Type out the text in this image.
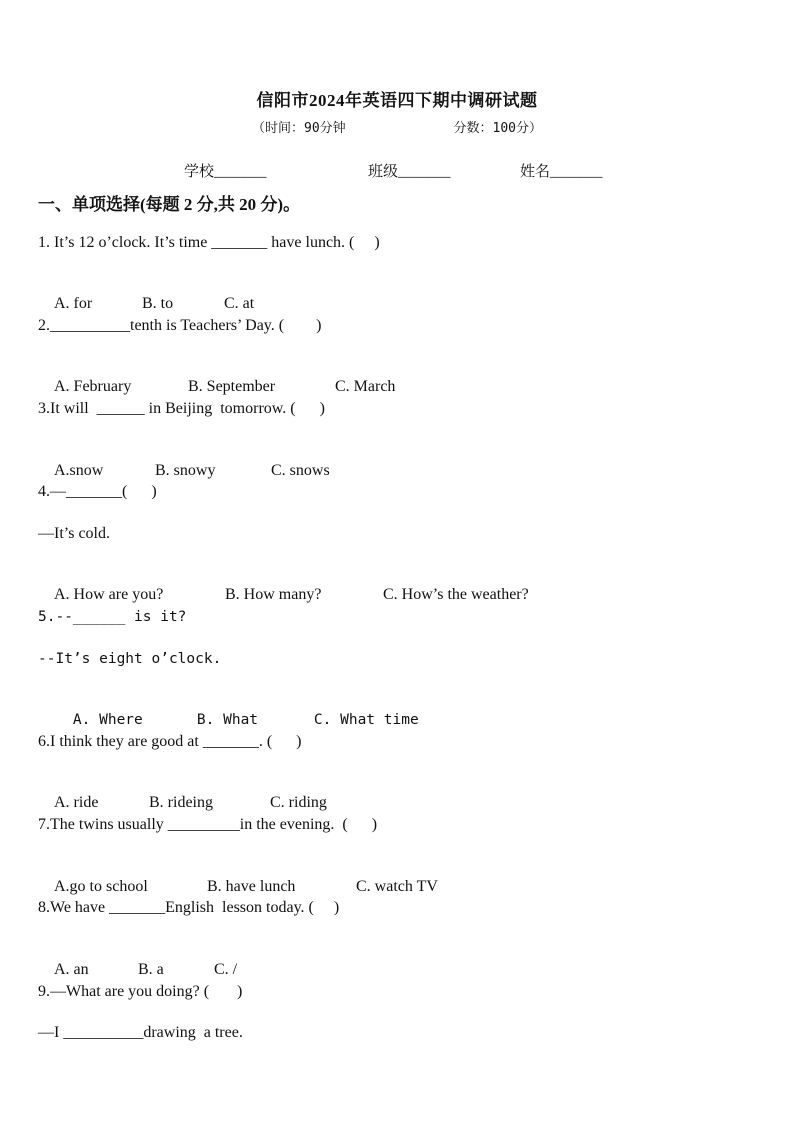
信阳市2024年英语四下期中调研试题
（时间：90分钟	分数：100分）
学校_______	班级_______	姓名_______
一、单项选择(每题 2 分,共 20 分)。
1. It’s 12 o’clock. It’s time _______ have lunch. (     )

A. for	B. to	C. at

2.__________tenth is Teachers’ Day. (        )

A. February	B. September	C. March

3.It will  ______ in Beijing  tomorrow. (      )

A.snow	B. snowy	C. snows

4.—_______(      )
—It’s cold.

A. How are you?	B. How many?	C. How’s the weather?

5.--______ is it?
--It’s eight o’clock.

A. Where	B. What	C. What time

6.I think they are good at _______. (      )

A. ride	B. rideing	C. riding

7.The twins usually _________in the evening.  (      )

A.go to school	B. have lunch	C. watch TV

8.We have _______English  lesson today. (     )

A. an	B. a	C. /

9.—What are you doing? (       )
—I __________drawing  a tree.
